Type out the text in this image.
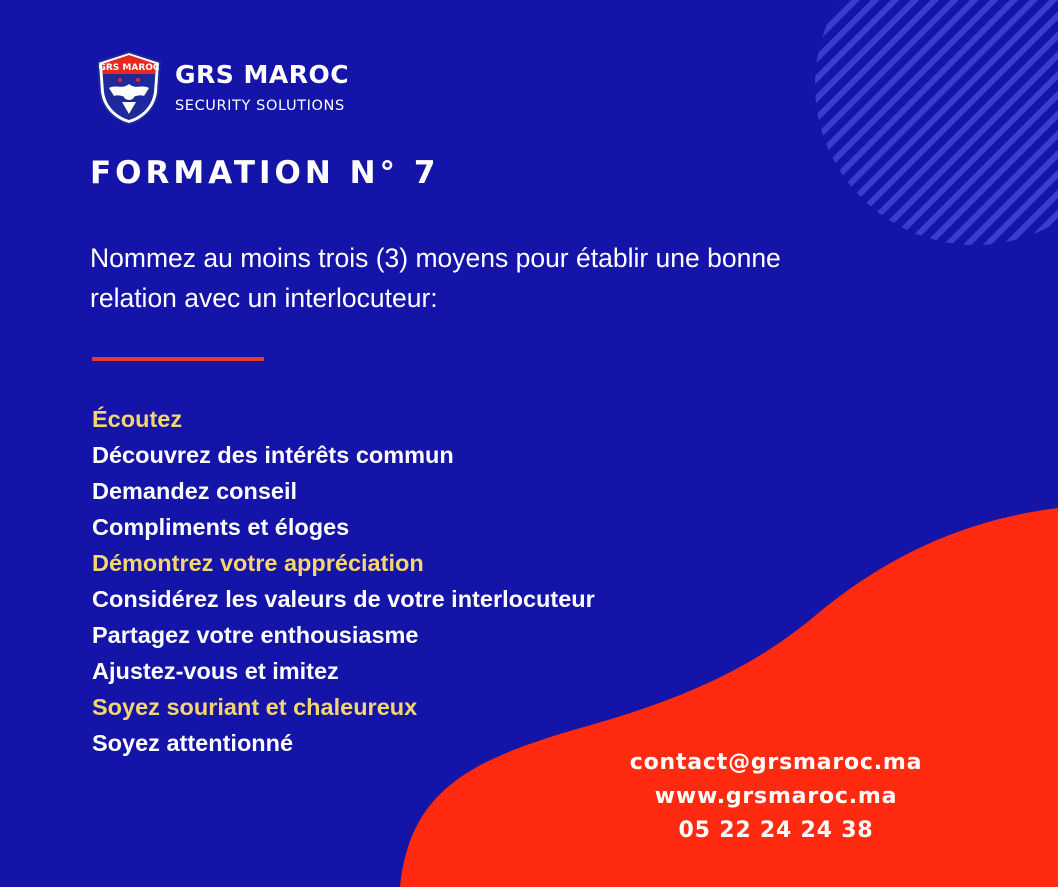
GRS MAROC GRS MAROC
SECURITY SOLUTIONS
FORMATION N° 7
Nommez au moins trois (3) moyens pour établir une bonne relation avec un interlocuteur:
Écoutez
Découvrez des intérêts commun
Demandez conseil
Compliments et éloges
Démontrez votre appréciation
Considérez les valeurs de votre interlocuteur
Partagez votre enthousiasme
Ajustez-vous et imitez
Soyez souriant et chaleureux
Soyez attentionné
contact@grsmaroc.ma
www.grsmaroc.ma
05 22 24 24 38
